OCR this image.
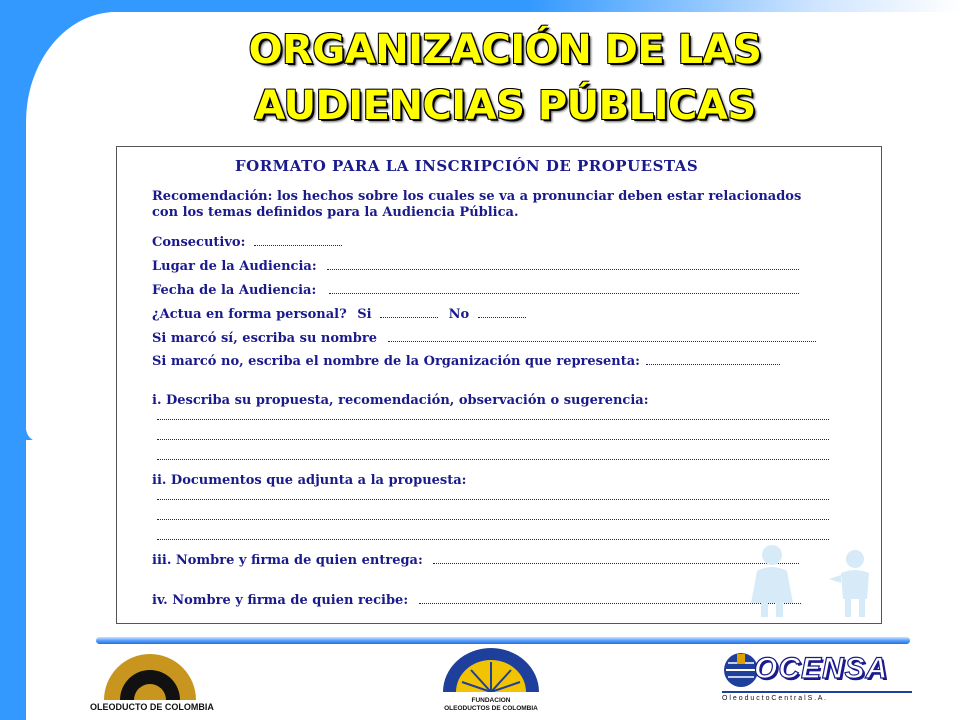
ORGANIZACIÓN DE LAS
AUDIENCIAS PÚBLICAS
FORMATO PARA LA INSCRIPCIÓN DE PROPUESTAS
Recomendación: los hechos sobre los cuales se va a pronunciar deben estar relacionados
con los temas definidos para la Audiencia Pública.
Consecutivo:
Lugar de la Audiencia:
Fecha de la Audiencia:
¿Actua en forma personal? Si	No
Si marcó sí, escriba su nombre
Si marcó no, escriba el nombre de la Organización que representa:
i. Describa su propuesta, recomendación, observación o sugerencia:
ii. Documentos que adjunta a la propuesta:
iii. Nombre y firma de quien entrega:
iv. Nombre y firma de quien recibe:
OLEODUCTO DE COLOMBIA
FUNDACION
OLEODUCTOS DE COLOMBIA
OCENSA
O l e o d u c t o C e n t r a l S . A .
